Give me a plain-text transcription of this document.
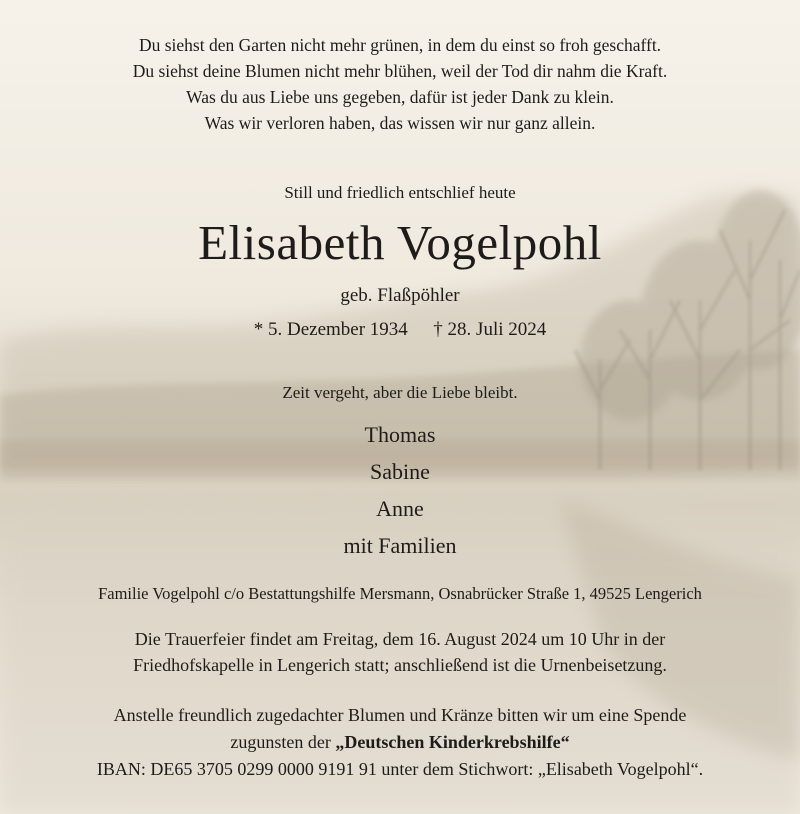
Du siehst den Garten nicht mehr grünen, in dem du einst so froh geschafft.
Du siehst deine Blumen nicht mehr blühen, weil der Tod dir nahm die Kraft.
Was du aus Liebe uns gegeben, dafür ist jeder Dank zu klein.
Was wir verloren haben, das wissen wir nur ganz allein.
Still und friedlich entschlief heute
Elisabeth Vogelpohl
geb. Flaßpöhler
* 5. Dezember 1934 † 28. Juli 2024
Zeit vergeht, aber die Liebe bleibt.
Thomas
Sabine
Anne
mit Familien
Familie Vogelpohl c/o Bestattungshilfe Mersmann, Osnabrücker Straße 1, 49525 Lengerich
Die Trauerfeier findet am Freitag, dem 16. August 2024 um 10 Uhr in der
Friedhofskapelle in Lengerich statt; anschließend ist die Urnenbeisetzung.
Anstelle freundlich zugedachter Blumen und Kränze bitten wir um eine Spende
zugunsten der „Deutschen Kinderkrebshilfe“
IBAN: DE65 3705 0299 0000 9191 91 unter dem Stichwort: „Elisabeth Vogelpohl“.
